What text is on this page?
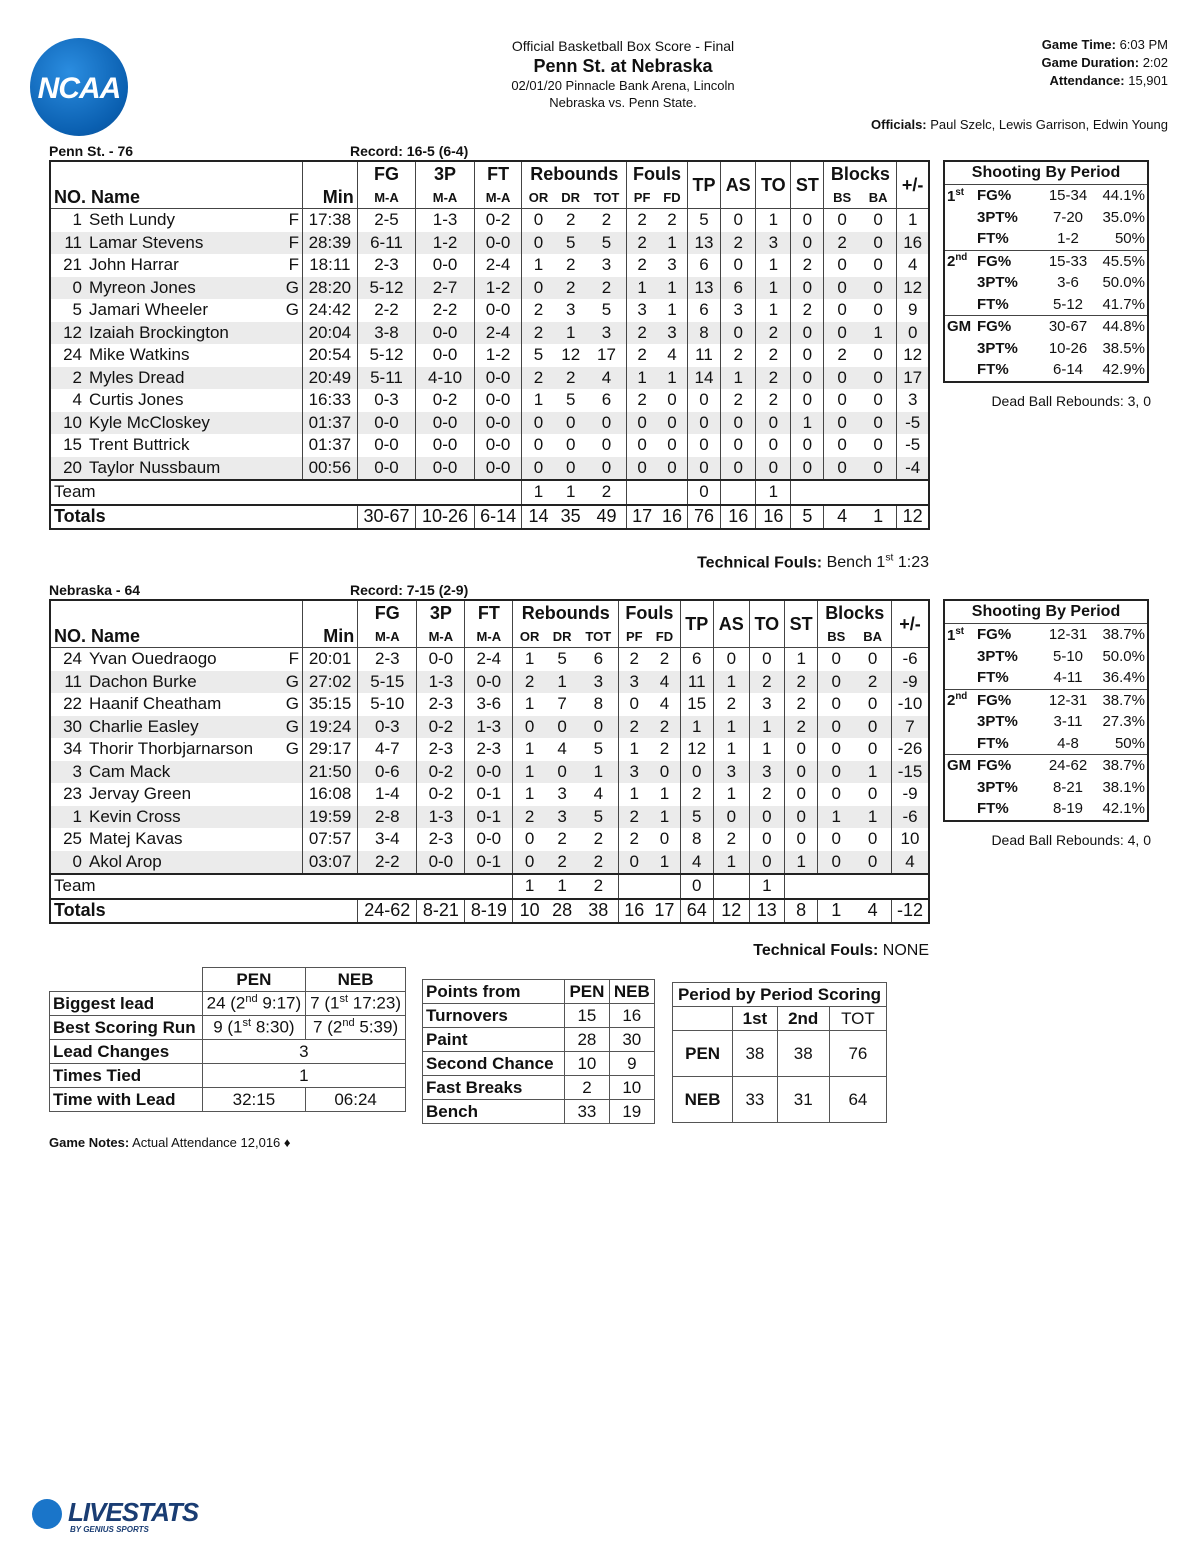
NCAA
Official Basketball Box Score - Final
Penn St. at Nebraska
02/01/20 Pinnacle Bank Arena, Lincoln
Nebraska vs. Penn State.
Game Time: 6:03 PM
Game Duration: 2:02
Attendance: 15,901
Officials: Paul Szelc, Lewis Garrison, Edwin Young
Penn St. - 76	Record: 16-5 (6-4)
				FG	3P	FT	Rebounds			Fouls		TP	AS	TO	ST	Blocks		+/-
NO. Name			Min	M-A	M-A	M-A	OR	DR	TOT	PF	FD					BS	BA	
1	Seth Lundy	F	17:38	2-5	1-3	0-2	0	2	2	2	2	5	0	1	0	0	0	1
11	Lamar Stevens	F	28:39	6-11	1-2	0-0	0	5	5	2	1	13	2	3	0	2	0	16
21	John Harrar	F	18:11	2-3	0-0	2-4	1	2	3	2	3	6	0	1	2	0	0	4
0	Myreon Jones	G	28:20	5-12	2-7	1-2	0	2	2	1	1	13	6	1	0	0	0	12
5	Jamari Wheeler	G	24:42	2-2	2-2	0-0	2	3	5	3	1	6	3	1	2	0	0	9
12	Izaiah Brockington		20:04	3-8	0-0	2-4	2	1	3	2	3	8	0	2	0	0	1	0
24	Mike Watkins		20:54	5-12	0-0	1-2	5	12	17	2	4	11	2	2	0	2	0	12
2	Myles Dread		20:49	5-11	4-10	0-0	2	2	4	1	1	14	1	2	0	0	0	17
4	Curtis Jones		16:33	0-3	0-2	0-0	1	5	6	2	0	0	2	2	0	0	0	3
10	Kyle McCloskey		01:37	0-0	0-0	0-0	0	0	0	0	0	0	0	0	1	0	0	-5
15	Trent Buttrick		01:37	0-0	0-0	0-0	0	0	0	0	0	0	0	0	0	0	0	-5
20	Taylor Nussbaum		00:56	0-0	0-0	0-0	0	0	0	0	0	0	0	0	0	0	0	-4
Team							1	1	2			0		1				
Totals				30-67	10-26	6-14	14	35	49	17	16	76	16	16	5	4	1	12
Technical Fouls: Bench 1st 1:23
Shooting By Period			
1st	FG%	15-34	44.1%
	3PT%	7-20	35.0%
	FT%	1-2	50%
2nd	FG%	15-33	45.5%
	3PT%	3-6	50.0%
	FT%	5-12	41.7%
GM	FG%	30-67	44.8%
	3PT%	10-26	38.5%
	FT%	6-14	42.9%
Dead Ball Rebounds: 3, 0
Nebraska - 64	Record: 7-15 (2-9)
				FG	3P	FT	Rebounds			Fouls		TP	AS	TO	ST	Blocks		+/-
NO. Name			Min	M-A	M-A	M-A	OR	DR	TOT	PF	FD					BS	BA	
24	Yvan Ouedraogo	F	20:01	2-3	0-0	2-4	1	5	6	2	2	6	0	0	1	0	0	-6
11	Dachon Burke	G	27:02	5-15	1-3	0-0	2	1	3	3	4	11	1	2	2	0	2	-9
22	Haanif Cheatham	G	35:15	5-10	2-3	3-6	1	7	8	0	4	15	2	3	2	0	0	-10
30	Charlie Easley	G	19:24	0-3	0-2	1-3	0	0	0	2	2	1	1	1	2	0	0	7
34	Thorir Thorbjarnarson	G	29:17	4-7	2-3	2-3	1	4	5	1	2	12	1	1	0	0	0	-26
3	Cam Mack		21:50	0-6	0-2	0-0	1	0	1	3	0	0	3	3	0	0	1	-15
23	Jervay Green		16:08	1-4	0-2	0-1	1	3	4	1	1	2	1	2	0	0	0	-9
1	Kevin Cross		19:59	2-8	1-3	0-1	2	3	5	2	1	5	0	0	0	1	1	-6
25	Matej Kavas		07:57	3-4	2-3	0-0	0	2	2	2	0	8	2	0	0	0	0	10
0	Akol Arop		03:07	2-2	0-0	0-1	0	2	2	0	1	4	1	0	1	0	0	4
Team							1	1	2			0		1				
Totals				24-62	8-21	8-19	10	28	38	16	17	64	12	13	8	1	4	-12
Technical Fouls: NONE
Shooting By Period			
1st	FG%	12-31	38.7%
	3PT%	5-10	50.0%
	FT%	4-11	36.4%
2nd	FG%	12-31	38.7%
	3PT%	3-11	27.3%
	FT%	4-8	50%
GM	FG%	24-62	38.7%
	3PT%	8-21	38.1%
	FT%	8-19	42.1%
Dead Ball Rebounds: 4, 0
	PEN	NEB
Biggest lead	24 (2nd 9:17)	7 (1st 17:23)
Best Scoring Run	9 (1st 8:30)	7 (2nd 5:39)
Lead Changes	3	
Times Tied	1	
Time with Lead	32:15	06:24
Points from	PEN	NEB
Turnovers	15	16
Paint	28	30
Second Chance	10	9
Fast Breaks	2	10
Bench	33	19
Period by Period Scoring			
	1st	2nd	TOT
PEN	38	38	76
NEB	33	31	64
Game Notes: Actual Attendance 12,016 ♦
LIVESTATS
BY GENIUS SPORTS
